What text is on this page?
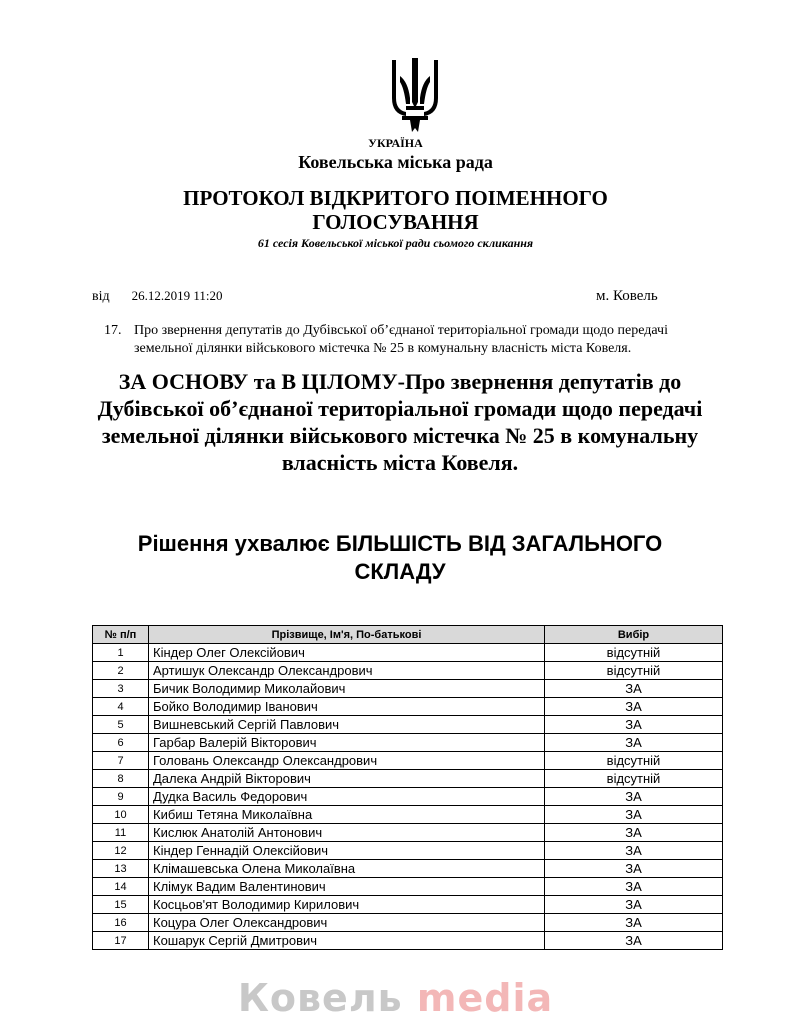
УКРАЇНА
Ковельська міська рада
ПРОТОКОЛ ВІДКРИТОГО ПОІМЕННОГО
ГОЛОСУВАННЯ
61 сесія Ковельської міської ради сьомого скликання
від 26.12.2019 11:20	м. Ковель
17. Про звернення депутатів до Дубівської об’єднаної територіальної громади щодо передачі земельної ділянки військового містечка № 25 в комунальну власність міста Ковеля.
ЗА ОСНОВУ та В ЦІЛОМУ-Про звернення депутатів до Дубівської об’єднаної територіальної громади щодо передачі земельної ділянки військового містечка № 25 в комунальну власність міста Ковеля.
Рішення ухвалює БІЛЬШІСТЬ ВІД ЗАГАЛЬНОГО
СКЛАДУ
№ п/п	Прізвище, Ім'я, По-батькові	Вибір
1	Кіндер Олег Олексійович	відсутній
2	Артишук Олександр Олександрович	відсутній
3	Бичик Володимир Миколайович	ЗА
4	Бойко Володимир Іванович	ЗА
5	Вишневський Сергій Павлович	ЗА
6	Гарбар Валерій Вікторович	ЗА
7	Головань Олександр Олександрович	відсутній
8	Далека Андрій Вікторович	відсутній
9	Дудка Василь Федорович	ЗА
10	Кибиш Тетяна Миколаївна	ЗА
11	Кислюк Анатолій Антонович	ЗА
12	Кіндер Геннадій Олексійович	ЗА
13	Клімашевська Олена Миколаївна	ЗА
14	Клімук Вадим Валентинович	ЗА
15	Косцьов'ят Володимир Кирилович	ЗА
16	Коцура Олег Олександрович	ЗА
17	Кошарук Сергій Дмитрович	ЗА
Ковель media
